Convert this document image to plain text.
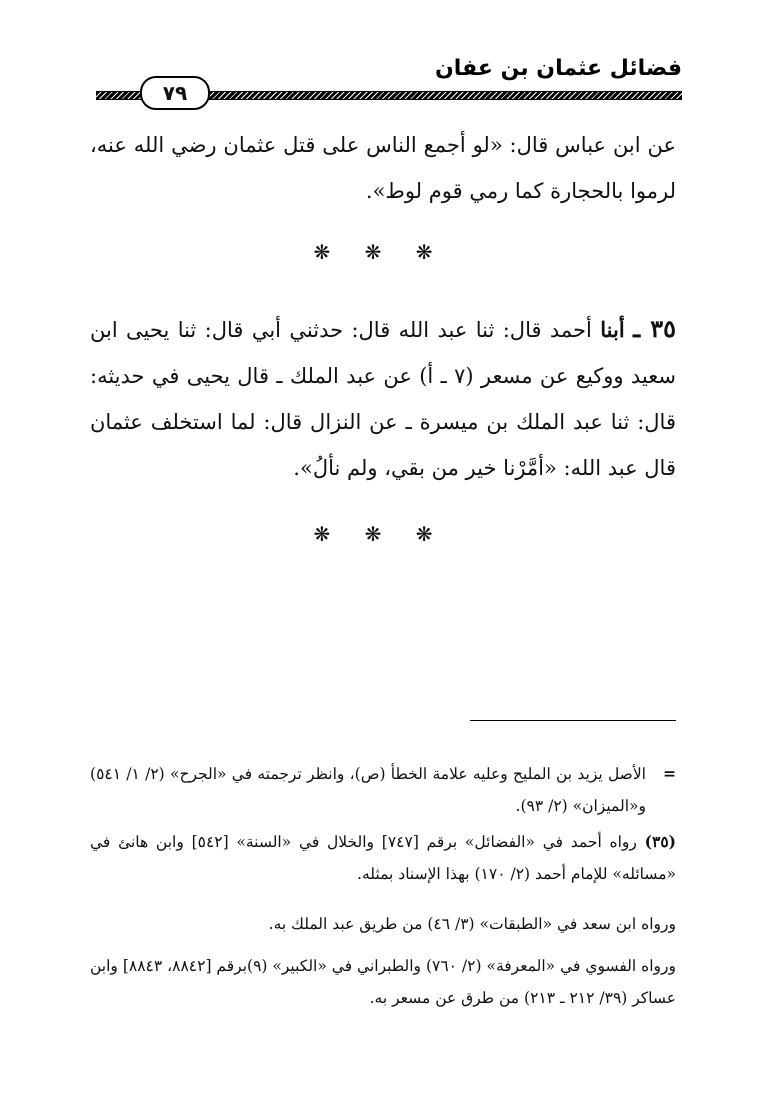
فضائل عثمان بن عفان
٧٩
عن ابن عباس قال: «لو أجمع الناس على قتل عثمان رضي الله عنه، لرموا بالحجارة كما رمي قوم لوط».
❋ ❋ ❋
٣٥ ـ أبنا أحمد قال: ثنا عبد الله قال: حدثني أبي قال: ثنا يحيى ابن سعيد ووكيع عن مسعر (٧ ـ أ) عن عبد الملك ـ قال يحيى في حديثه: قال: ثنا عبد الملك بن ميسرة ـ عن النزال قال: لما استخلف عثمان قال عبد الله: «أمَّرْنا خير من بقي، ولم نألُ».
❋ ❋ ❋
=
الأصل يزيد بن المليح وعليه علامة الخطأ (ص)، وانظر ترجمته في «الجرح» (٢/ ١/ ٥٤١) و«الميزان» (٢/ ٩٣).
(٣٥) رواه أحمد في «الفضائل» برقم [٧٤٧] والخلال في «السنة» [٥٤٢] وابن هانئ في «مسائله» للإمام أحمد (٢/ ١٧٠) بهذا الإسناد بمثله.
ورواه ابن سعد في «الطبقات» (٣/ ٤٦) من طريق عبد الملك به.
ورواه الفسوي في «المعرفة» (٢/ ٧٦٠) والطبراني في «الكبير» (٩)برقم [٨٨٤٢، ٨٨٤٣] وابن عساكر (٣٩/ ٢١٢ ـ ٢١٣) من طرق عن مسعر به.
